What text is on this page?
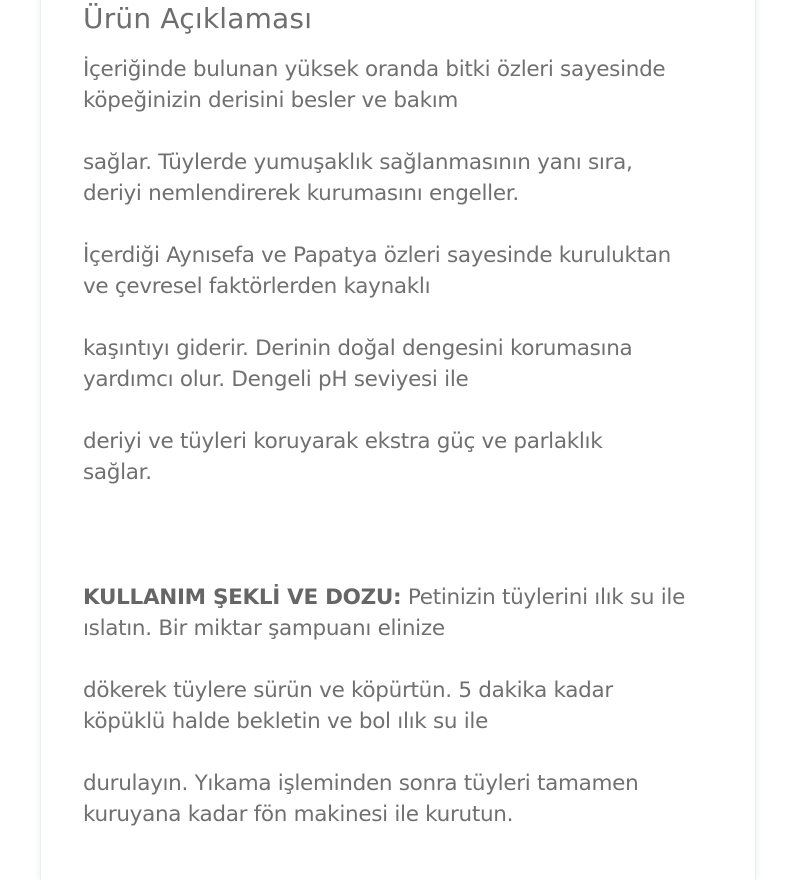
Ürün Açıklaması

İçeriğinde bulunan yüksek oranda bitki özleri sayesinde
köpeğinizin derisini besler ve bakım

sağlar. Tüylerde yumuşaklık sağlanmasının yanı sıra,
deriyi nemlendirerek kurumasını engeller.

İçerdiği Aynısefa ve Papatya özleri sayesinde kuruluktan
ve çevresel faktörlerden kaynaklı

kaşıntıyı giderir. Derinin doğal dengesini korumasına
yardımcı olur. Dengeli pH seviyesi ile

deriyi ve tüyleri koruyarak ekstra güç ve parlaklık
sağlar.

KULLANIM ŞEKLİ VE DOZU: Petinizin tüylerini ılık su ile
ıslatın. Bir miktar şampuanı elinize

dökerek tüylere sürün ve köpürtün. 5 dakika kadar
köpüklü halde bekletin ve bol ılık su ile

durulayın. Yıkama işleminden sonra tüyleri tamamen
kuruyana kadar fön makinesi ile kurutun.
